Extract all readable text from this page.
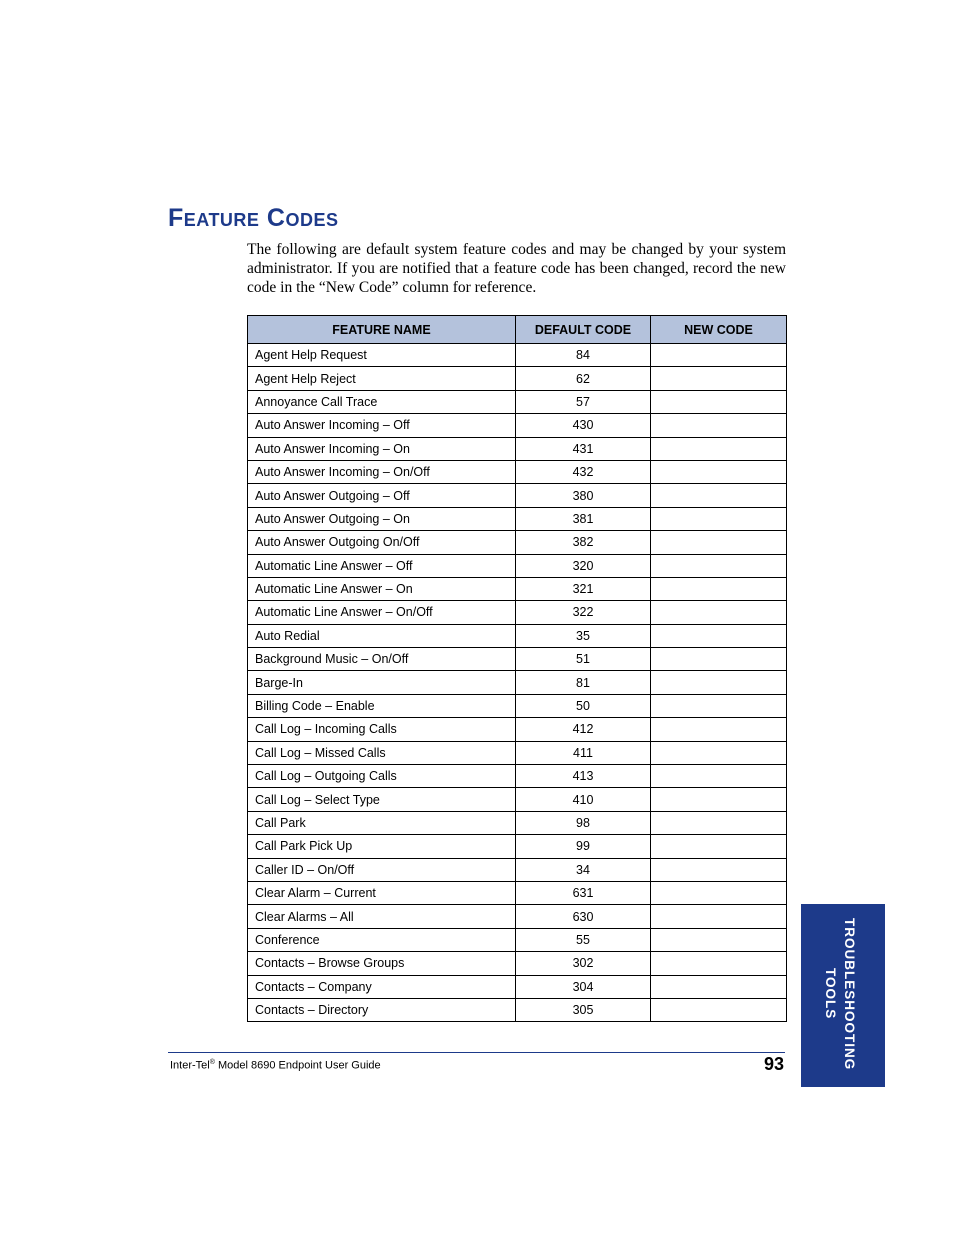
Feature Codes

The following are default system feature codes and may be changed by your system administrator. If you are notified that a feature code has been changed, record the new code in the “New Code” column for reference.

FEATURE NAME	DEFAULT CODE	NEW CODE
Agent Help Request	84	
Agent Help Reject	62	
Annoyance Call Trace	57	
Auto Answer Incoming – Off	430	
Auto Answer Incoming – On	431	
Auto Answer Incoming – On/Off	432	
Auto Answer Outgoing – Off	380	
Auto Answer Outgoing – On	381	
Auto Answer Outgoing On/Off	382	
Automatic Line Answer – Off	320	
Automatic Line Answer – On	321	
Automatic Line Answer – On/Off	322	
Auto Redial	35	
Background Music – On/Off	51	
Barge-In	81	
Billing Code – Enable	50	
Call Log – Incoming Calls	412	
Call Log – Missed Calls	411	
Call Log – Outgoing Calls	413	
Call Log – Select Type	410	
Call Park	98	
Call Park Pick Up	99	
Caller ID – On/Off	34	
Clear Alarm – Current	631	
Clear Alarms – All	630	
Conference	55	
Contacts – Browse Groups	302	
Contacts – Company	304	
Contacts – Directory	305	
Inter-Tel® Model 8690 Endpoint User Guide	93	TROUBLESHOOTING
TOOLS
